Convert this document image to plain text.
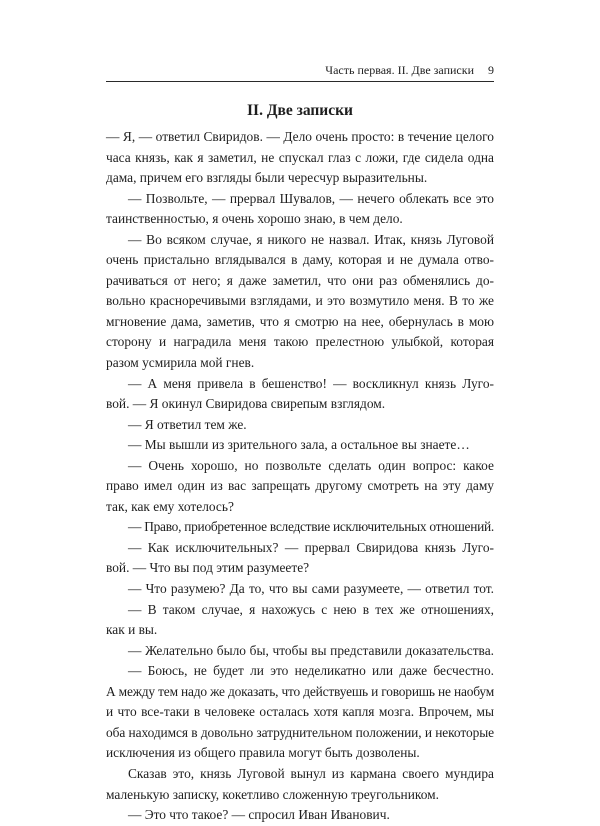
Часть первая. II. Две записки 9
II. Две записки

— Я, — ответил Свиридов. — Дело очень просто: в течение целого

часа князь, как я заметил, не спускал глаз с ложи, где сидела одна

дама, причем его взгляды были чересчур выразительны.

— Позвольте, — прервал Шувалов, — нечего облекать все это

таинственностью, я очень хорошо знаю, в чем дело.

— Во всяком случае, я никого не назвал. Итак, князь Луговой

очень пристально вглядывался в даму, которая и не думала отво-

рачиваться от него; я даже заметил, что они раз обменялись до-

вольно красноречивыми взглядами, и это возмутило меня. В то же

мгновение дама, заметив, что я смотрю на нее, обернулась в мою

сторону и наградила меня такою прелестною улыбкой, которая

разом усмирила мой гнев.

— А меня привела в бешенство! — воскликнул князь Луго-

вой. — Я окинул Свиридова свирепым взглядом.

— Я ответил тем же.

— Мы вышли из зрительного зала, а остальное вы знаете…

— Очень хорошо, но позвольте сделать один вопрос: какое

право имел один из вас запрещать другому смотреть на эту даму

так, как ему хотелось?

— Право, приобретенное вследствие исключительных отношений.

— Как исключительных? — прервал Свиридова князь Луго-

вой. — Что вы под этим разумеете?

— Что разумею? Да то, что вы сами разумеете, — ответил тот.

— В таком случае, я нахожусь с нею в тех же отношениях,

как и вы.

— Желательно было бы, чтобы вы представили доказательства.

— Боюсь, не будет ли это неделикатно или даже бесчестно.

А между тем надо же доказать, что действуешь и говоришь не наобум

и что все-таки в человеке осталась хотя капля мозга. Впрочем, мы

оба находимся в довольно затруднительном положении, и некоторые

исключения из общего правила могут быть дозволены.

Сказав это, князь Луговой вынул из кармана своего мундира

маленькую записку, кокетливо сложенную треугольником.

— Это что такое? — спросил Иван Иванович.
